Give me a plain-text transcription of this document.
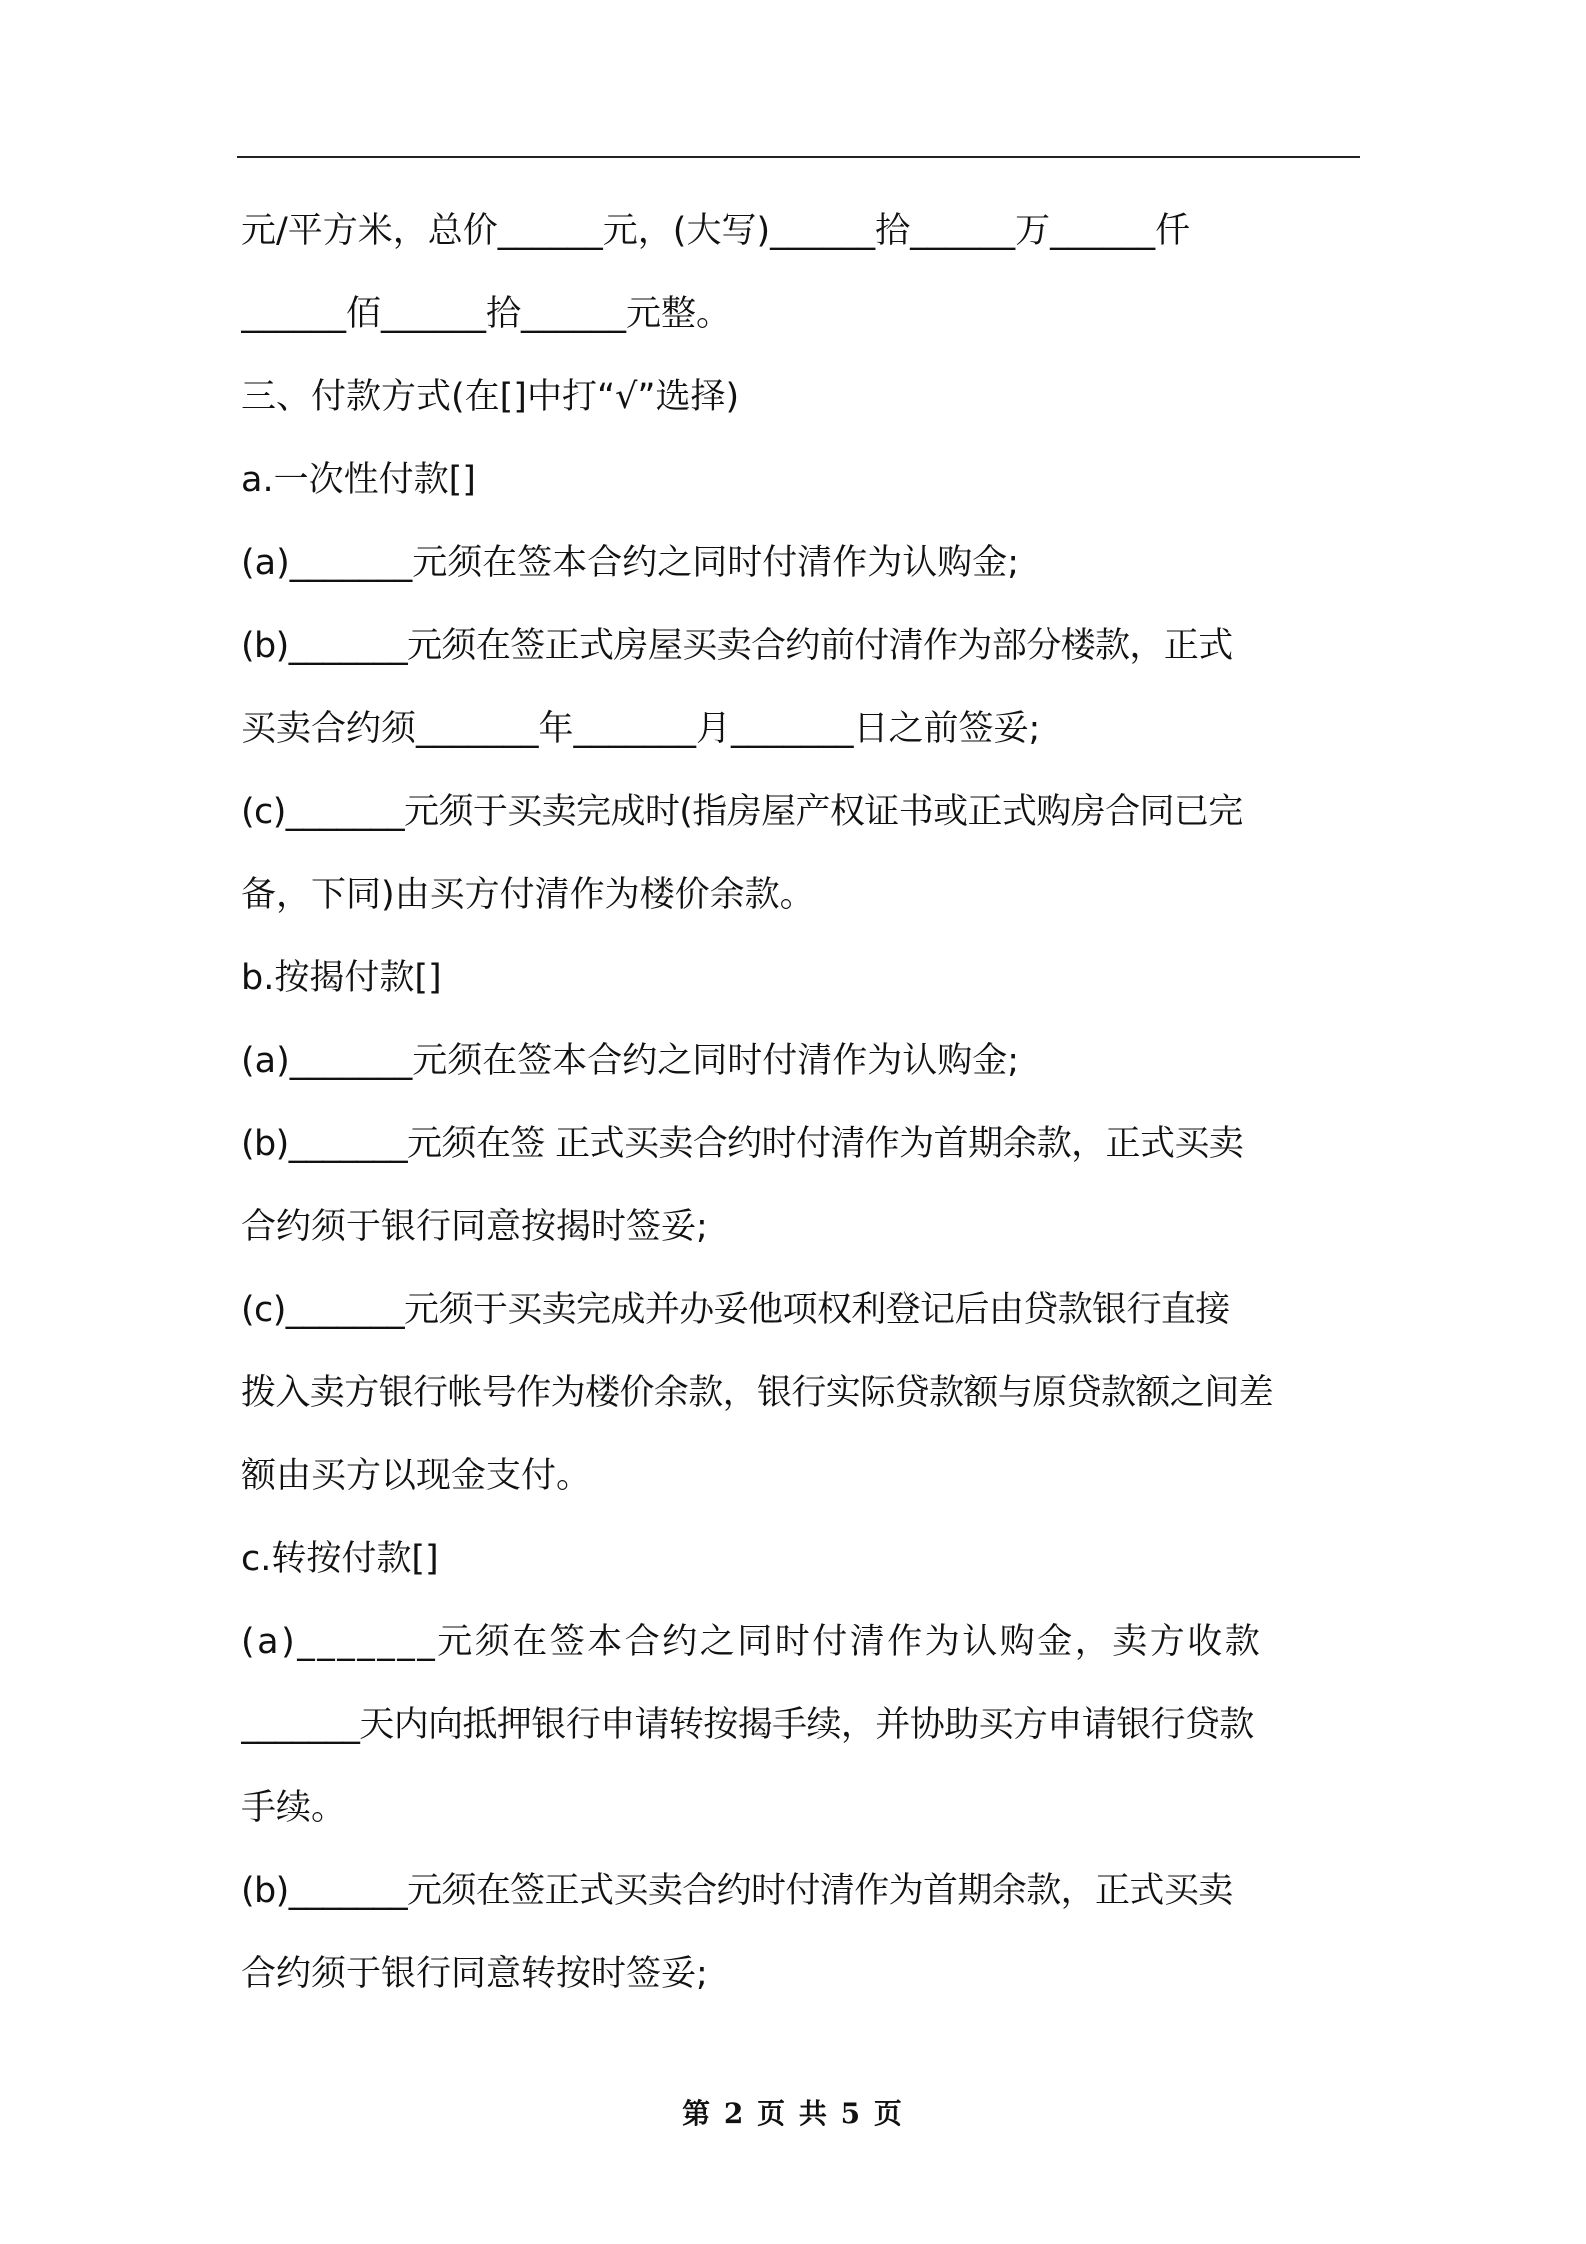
元/平方米，总价______元，(大写)______拾______万______仟
______佰______拾______元整。
三、付款方式(在[]中打“√”选择)
a.一次性付款[]
(a)_______元须在签本合约之同时付清作为认购金;
(b)_______元须在签正式房屋买卖合约前付清作为部分楼款，正式
买卖合约须_______年_______月_______日之前签妥;
(c)_______元须于买卖完成时(指房屋产权证书或正式购房合同已完
备，下同)由买方付清作为楼价余款。
b.按揭付款[]
(a)_______元须在签本合约之同时付清作为认购金;
(b)_______元须在签 正式买卖合约时付清作为首期余款，正式买卖
合约须于银行同意按揭时签妥;
(c)_______元须于买卖完成并办妥他项权利登记后由贷款银行直接
拨入卖方银行帐号作为楼价余款，银行实际贷款额与原贷款额之间差
额由买方以现金支付。
c.转按付款[]
(a)_______元须在签本合约之同时付清作为认购金，卖方收款
_______天内向抵押银行申请转按揭手续，并协助买方申请银行贷款
手续。
(b)_______元须在签正式买卖合约时付清作为首期余款，正式买卖
合约须于银行同意转按时签妥;
第 2 页 共 5 页
